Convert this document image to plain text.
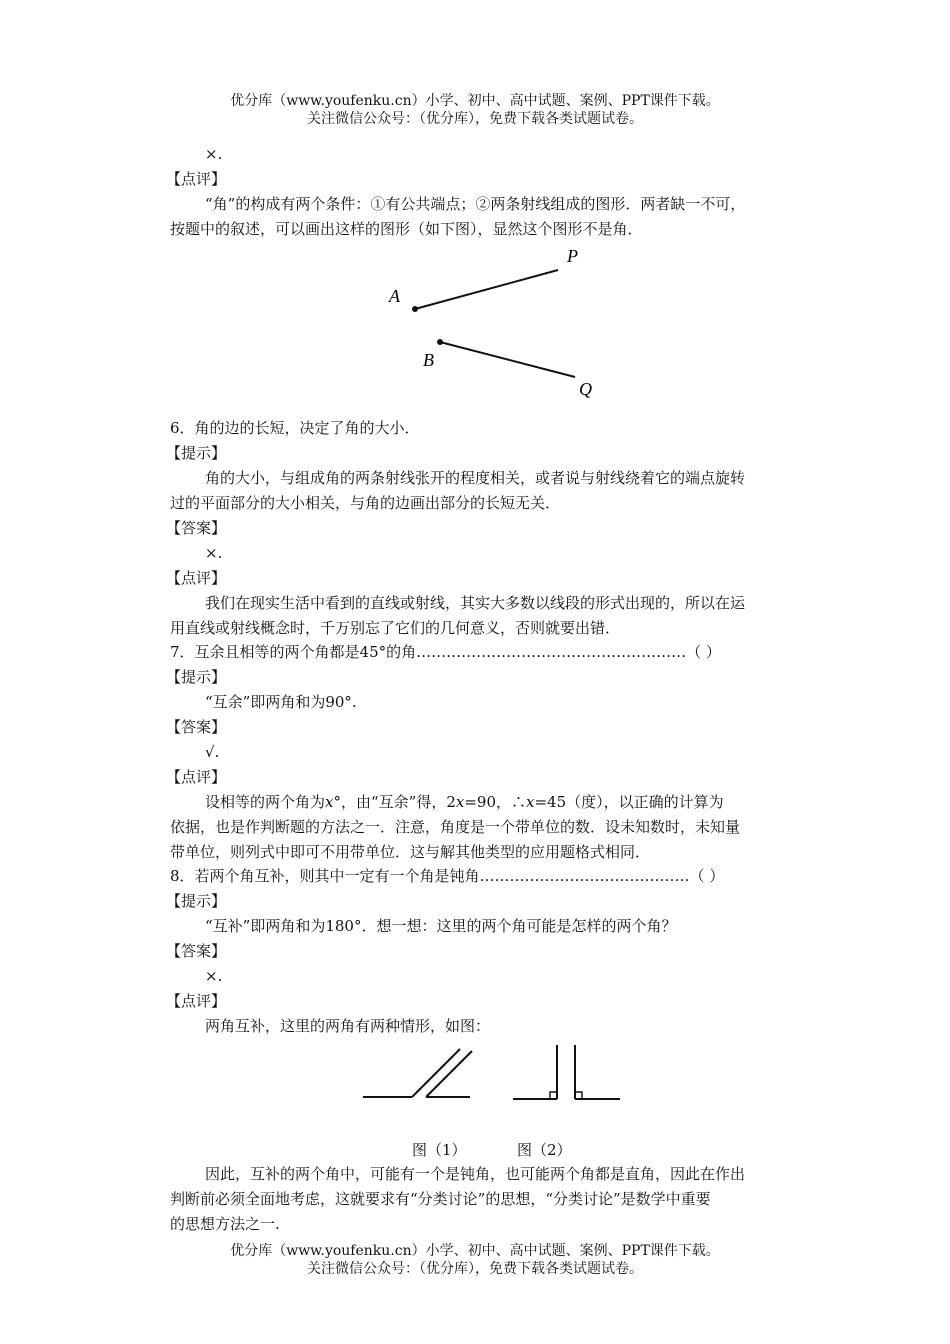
优分库（www.youfenku.cn）小学、初中、高中试题、案例、PPT课件下载。
关注微信公众号：（优分库），免费下载各类试题试卷。
×.
【点评】
“角”的构成有两个条件：①有公共端点；②两条射线组成的图形．两者缺一不可，
按题中的叙述，可以画出这样的图形（如下图），显然这个图形不是角．
A
P
B
Q
6．角的边的长短，决定了角的大小．
【提示】
角的大小，与组成角的两条射线张开的程度相关，或者说与射线绕着它的端点旋转
过的平面部分的大小相关，与角的边画出部分的长短无关．
【答案】
×.
【点评】
我们在现实生活中看到的直线或射线，其实大多数以线段的形式出现的，所以在运
用直线或射线概念时，千万别忘了它们的几何意义，否则就要出错．
7．互余且相等的两个角都是45°的角………………………………………………（ ）
【提示】
“互余”即两角和为90°.
【答案】
√.
【点评】
设相等的两个角为x°，由“互余”得，2x=90，∴x=45（度），以正确的计算为
依据，也是作判断题的方法之一．注意，角度是一个带单位的数．设未知数时，未知量
带单位，则列式中即可不用带单位．这与解其他类型的应用题格式相同．
8．若两个角互补，则其中一定有一个角是钝角……………………………………（ ）
【提示】
“互补”即两角和为180°．想一想：这里的两个角可能是怎样的两个角？
【答案】
×.
【点评】
两角互补，这里的两角有两种情形，如图：
图（1）	图（2）
因此，互补的两个角中，可能有一个是钝角，也可能两个角都是直角，因此在作出
判断前必须全面地考虑，这就要求有“分类讨论”的思想，“分类讨论”是数学中重要
的思想方法之一.
优分库（www.youfenku.cn）小学、初中、高中试题、案例、PPT课件下载。
关注微信公众号：（优分库），免费下载各类试题试卷。
